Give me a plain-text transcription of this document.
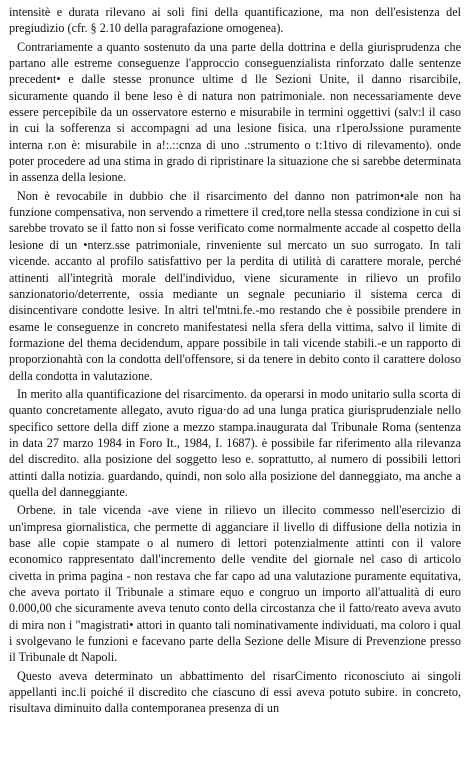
intensitè e durata rilevano ai soli fini della quantificazione, ma non dell'esistenza del pregiudizio (cfr. § 2.10 della paragrafazione omogenea).

Contrariamente a quanto sostenuto da una parte della dottrina e della giurisprudenza che partano alle estreme conseguenze l'approccio conseguenzialista rinforzato dalle sentenze precedent• e dalle stesse pronunce ultime d lle Sezioni Unite, il danno risarcibile, sicuramente quando il bene leso è di natura non patrimoniale. non necessariamente deve essere percepibile da un osservatore esterno e misurabile in termini oggettivi (salv:l il caso in cui la sofferenza si accompagni ad una lesione fisica. una r1peroJssione puramente interna r.on è: misurabile in a!:.::cnza di uno .:strumento o t:1tivo di rilevamento). onde poter procedere ad una stima in grado di ripristinare la situazione che si sarebbe determinata in assenza della lesione.

Non è revocabile in dubbio che il risarcimento del danno non patrimon•ale non ha funzione compensativa, non servendo a rimettere il cred,tore nella stessa condizione in cui si sarebbe trovato se il fatto non si fosse verificato come normalmente accade al cospetto della lesione di un •nterz.sse patrimoniale, rinveniente sul mercato un suo surrogato. In tali vicende. accanto al profilo satisfattivo per la perdita di utilità di carattere morale, perché attinenti all'integrità morale dell'individuo, viene sicuramente in rilievo un profilo sanzionatorio/deterrente, ossia mediante un segnale pecuniario il sistema cerca di disincentivare condotte lesive. In altri tel'mtni.fe.-mo restando che è possibile prendere in esame le conseguenze in concreto manifestatesi nella sfera della vittima, salvo il limite di formazione del thema decidendum, appare possibile in tali vicende stabili.-e un rapporto di proporzionahtà con la condotta dell'offensore, si da tenere in debito conto il carattere doloso della condotta in valutazione.

In merito alla quantificazione del risarcimento. da operarsi in modo unitario sulla scorta di quanto concretamente allegato, avuto rigua·do ad una lunga pratica giurisprudenziale nello specifico settore della diff zione a mezzo stampa.inaugurata dal Tribunale Roma (sentenza in data 27 marzo 1984 in Foro It., 1984, I. 1687). è possibile far riferimento alla rilevanza del discredito. alla posizione del soggetto leso e. soprattutto, al numero di possibili lettori attinti dalla notizia. guardando, quindi, non solo alla posizione del danneggiato, ma anche a quella del danneggiante.

Orbene. in tale vicenda -ave viene in rilievo un illecito commesso nell'esercizio di un'impresa giornalistica, che permette di agganciare il livello di diffusione della notizia in base alle copie stampate o al numero di lettori potenzialmente attinti con il valore economico rappresentato dall'incremento delle vendite del giornale nel caso di articolo civetta in prima pagina - non restava che far capo ad una valutazione puramente equitativa, che aveva portato il Tribunale a stimare equo e congruo un importo all'attualità di euro 0.000,00 che sicuramente aveva tenuto conto della circostanza che il fatto/reato aveva avuto di mira non i "magistrati• attori in quanto tali nominativamente individuati, ma coloro i qual i svolgevano le funzioni e facevano parte della Sezione delle Misure di Prevenzione presso il Tribunale dt Napoli.

Questo aveva determinato un abbattimento del risarCimento riconosciuto ai singoli appellanti inc.li poiché il discredito che ciascuno di essi aveva potuto subire. in concreto, risultava diminuito dalla contemporanea presenza di un
